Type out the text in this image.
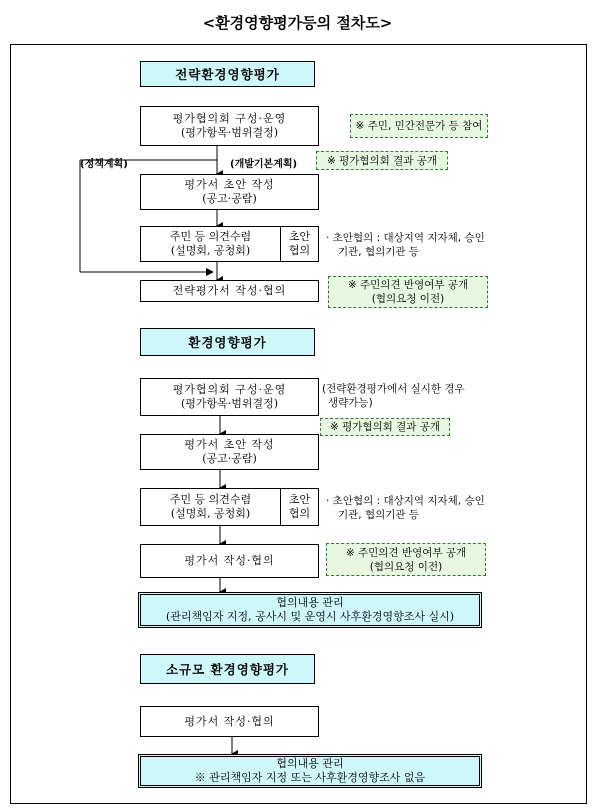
<환경영향평가등의 절차도>
전략환경영향평가
평가협의회 구성·운영
(평가항목·범위결정)	※ 주민, 민간전문가 등 참여
(정책계획)	(개발기본계획)	※ 평가협의회 결과 공개
평가서 초안 작성
(공고·공람)
주민 등 의견수렴
(설명회, 공청회)
초안
협의
· 초안협의 : 대상지역 지자체, 승인
기관, 협의기관 등
전략평가서 작성·협의	※ 주민의견 반영여부 공개
(협의요청 이전)
환경영향평가
평가협의회 구성·운영
(평가항목·범위결정)
(전략환경평가에서 실시한 경우
생략가능)
※ 평가협의회 결과 공개
평가서 초안 작성
(공고·공람)
주민 등 의견수렴
(설명회, 공청회)
초안
협의
· 초안협의 : 대상지역 지자체, 승인
기관, 협의기관 등
평가서 작성·협의
※ 주민의견 반영여부 공개
(협의요청 이전)
협의내용 관리
(관리책임자 지정, 공사시 및 운영시 사후환경영향조사 실시)
소규모 환경영향평가
평가서 작성·협의
협의내용 관리
※ 관리책임자 지정 또는 사후환경영향조사 없음
